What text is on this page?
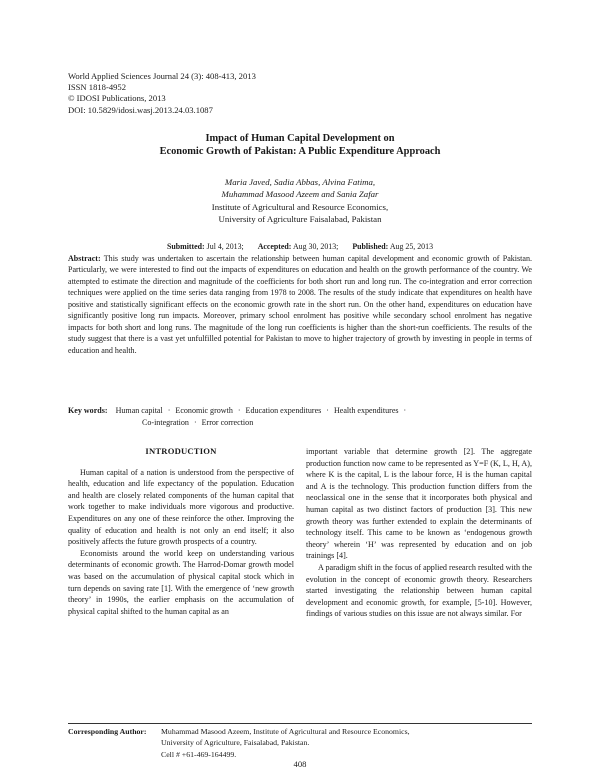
World Applied Sciences Journal 24 (3): 408-413, 2013
ISSN 1818-4952
© IDOSI Publications, 2013
DOI: 10.5829/idosi.wasj.2013.24.03.1087
Impact of Human Capital Development on
Economic Growth of Pakistan: A Public Expenditure Approach
Maria Javed, Sadia Abbas, Alvina Fatima,
Muhammad Masood Azeem and Sania Zafar
Institute of Agricultural and Resource Economics,
University of Agriculture Faisalabad, Pakistan
Submitted: Jul 4, 2013; Accepted: Aug 30, 2013; Published: Aug 25, 2013
Abstract: This study was undertaken to ascertain the relationship between human capital development and economic growth of Pakistan. Particularly, we were interested to find out the impacts of expenditures on education and health on the growth performance of the country. We attempted to estimate the direction and magnitude of the coefficients for both short run and long run. The co-integration and error correction techniques were applied on the time series data ranging from 1978 to 2008. The results of the study indicate that expenditures on health have positive and statistically significant effects on the economic growth rate in the short run. On the other hand, expenditures on education have significantly positive long run impacts. Moreover, primary school enrolment has positive while secondary school enrolment has negative impacts for both short and long runs. The magnitude of the long run coefficients is higher than the short-run coefficients. The results of the study suggest that there is a vast yet unfulfilled potential for Pakistan to move to higher trajectory of growth by investing in people in terms of education and health.
Key words: Human capital · Economic growth · Education expenditures · Health expenditures ·
Co-integration · Error correction
INTRODUCTION

Human capital of a nation is understood from the perspective of health, education and life expectancy of the population. Education and health are closely related components of the human capital that work together to make individuals more vigorous and productive. Expenditures on any one of these reinforce the other. Improving the quality of education and health is not only an end itself; it also positively affects the future growth prospects of a country.

Economists around the world keep on understanding various determinants of economic growth. The Harrod-Domar growth model was based on the accumulation of physical capital stock which in turn depends on saving rate [1]. With the emergence of ‘new growth theory’ in 1990s, the earlier emphasis on the accumulation of physical capital shifted to the human capital as an

important variable that determine growth [2]. The aggregate production function now came to be represented as Y=F (K, L, H, A), where K is the capital, L is the labour force, H is the human capital and A is the technology. This production function differs from the neoclassical one in the sense that it incorporates both physical and human capital as two distinct factors of production [3]. This new growth theory was further extended to explain the determinants of technology itself. This came to be known as ‘endogenous growth theory’ wherein ‘H’ was represented by education and on job trainings [4].

A paradigm shift in the focus of applied research resulted with the evolution in the concept of economic growth theory. Researchers started investigating the relationship between human capital development and economic growth, for example, [5-10]. However, findings of various studies on this issue are not always similar. For

Corresponding Author: Muhammad Masood Azeem, Institute of Agricultural and Resource Economics,
University of Agriculture, Faisalabad, Pakistan.
Cell # +61-469-164499.
408
